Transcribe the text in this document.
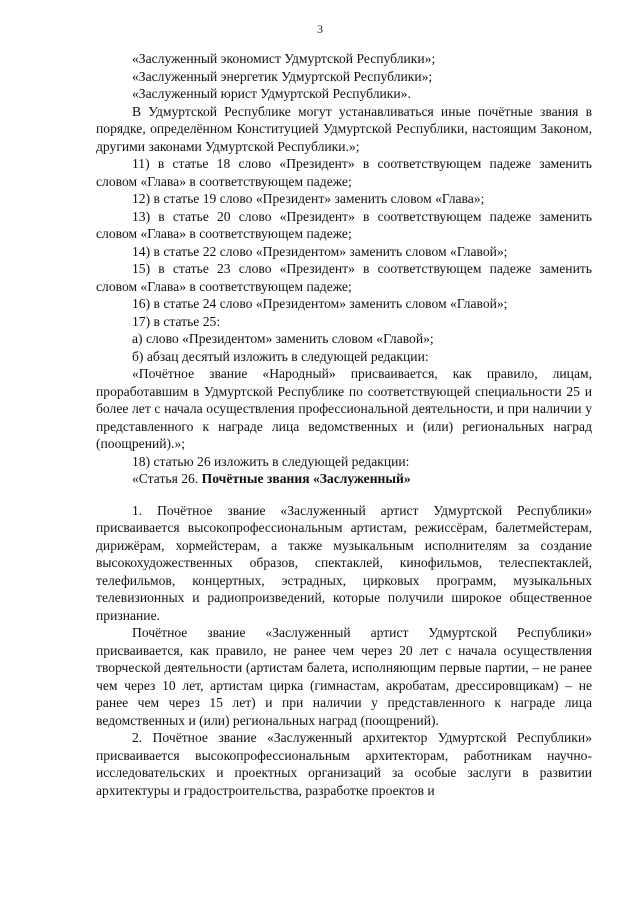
3

«Заслуженный экономист Удмуртской Республики»;

«Заслуженный энергетик Удмуртской Республики»;

«Заслуженный юрист Удмуртской Республики».

В Удмуртской Республике могут устанавливаться иные почётные звания в порядке, определённом Конституцией Удмуртской Республики, настоящим Законом, другими законами Удмуртской Республики.»;

11) в статье 18 слово «Президент» в соответствующем падеже заменить словом «Глава» в соответствующем падеже;

12) в статье 19 слово «Президент» заменить словом «Глава»;

13) в статье 20 слово «Президент» в соответствующем падеже заменить словом «Глава» в соответствующем падеже;

14) в статье 22 слово «Президентом» заменить словом «Главой»;

15) в статье 23 слово «Президент» в соответствующем падеже заменить словом «Глава» в соответствующем падеже;

16) в статье 24 слово «Президентом» заменить словом «Главой»;

17) в статье 25:

а) слово «Президентом» заменить словом «Главой»;

б) абзац десятый изложить в следующей редакции:

«Почётное звание «Народный» присваивается, как правило, лицам, проработавшим в Удмуртской Республике по соответствующей специальности 25 и более лет с начала осуществления профессиональной деятельности, и при наличии у представленного к награде лица ведомственных и (или) региональных наград (поощрений).»;

18) статью 26 изложить в следующей редакции:

«Статья 26. Почётные звания «Заслуженный»

1. Почётное звание «Заслуженный артист Удмуртской Республики» присваивается высокопрофессиональным артистам, режиссёрам, балетмейстерам, дирижёрам, хормейстерам, а также музыкальным исполнителям за создание высокохудожественных образов, спектаклей, кинофильмов, телеспектаклей, телефильмов, концертных, эстрадных, цирковых программ, музыкальных телевизионных и радиопроизведений, которые получили широкое общественное признание.

Почётное звание «Заслуженный артист Удмуртской Республики» присваивается, как правило, не ранее чем через 20 лет с начала осуществления творческой деятельности (артистам балета, исполняющим первые партии, – не ранее чем через 10 лет, артистам цирка (гимнастам, акробатам, дрессировщикам) – не ранее чем через 15 лет) и при наличии у представленного к награде лица ведомственных и (или) региональных наград (поощрений).

2. Почётное звание «Заслуженный архитектор Удмуртской Республики» присваивается высокопрофессиональным архитекторам, работникам научно-исследовательских и проектных организаций за особые заслуги в развитии архитектуры и градостроительства, разработке проектов и
